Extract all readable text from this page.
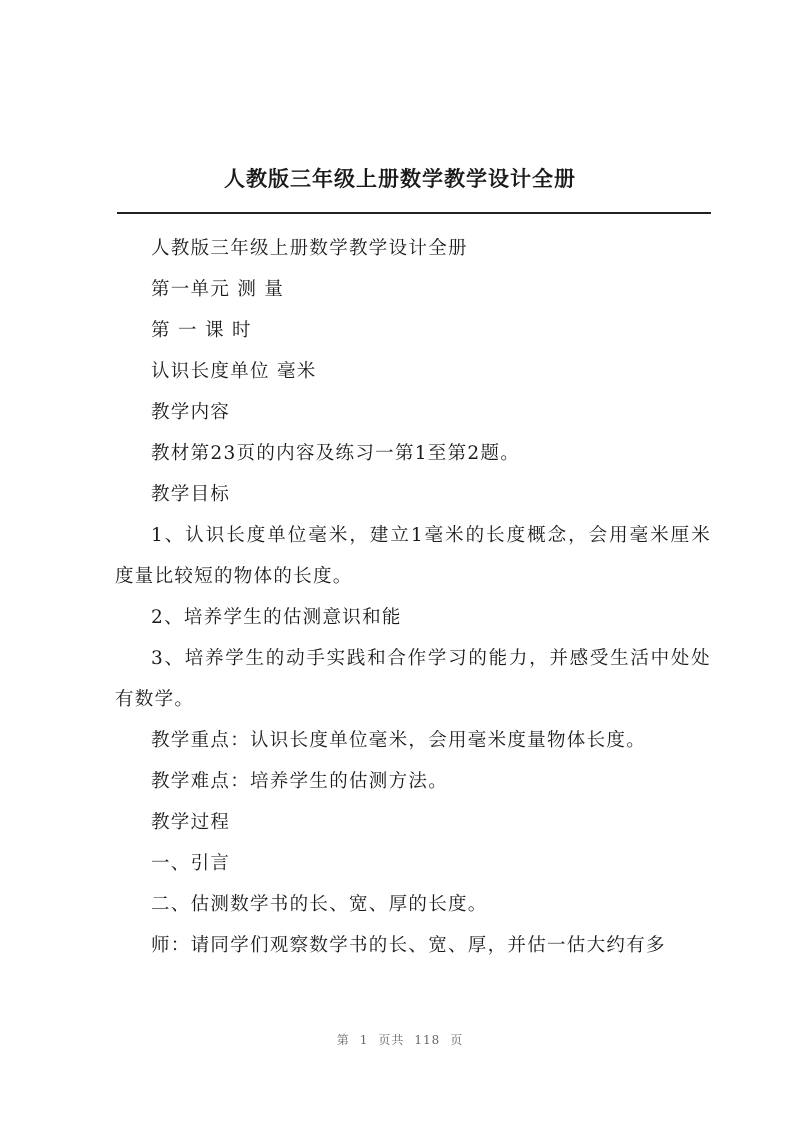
人教版三年级上册数学教学设计全册

人教版三年级上册数学教学设计全册

第一单元 测 量

第 一 课 时

认识长度单位 毫米

教学内容

教材第23页的内容及练习一第1至第2题。

教学目标

1、认识长度单位毫米，建立1毫米的长度概念，会用毫米厘米度量比较短的物体的长度。

2、培养学生的估测意识和能

3、培养学生的动手实践和合作学习的能力，并感受生活中处处有数学。

教学重点：认识长度单位毫米，会用毫米度量物体长度。

教学难点：培养学生的估测方法。

教学过程

一、引言

二、估测数学书的长、宽、厚的长度。

师：请同学们观察数学书的长、宽、厚，并估一估大约有多

第 1 页共 118 页
